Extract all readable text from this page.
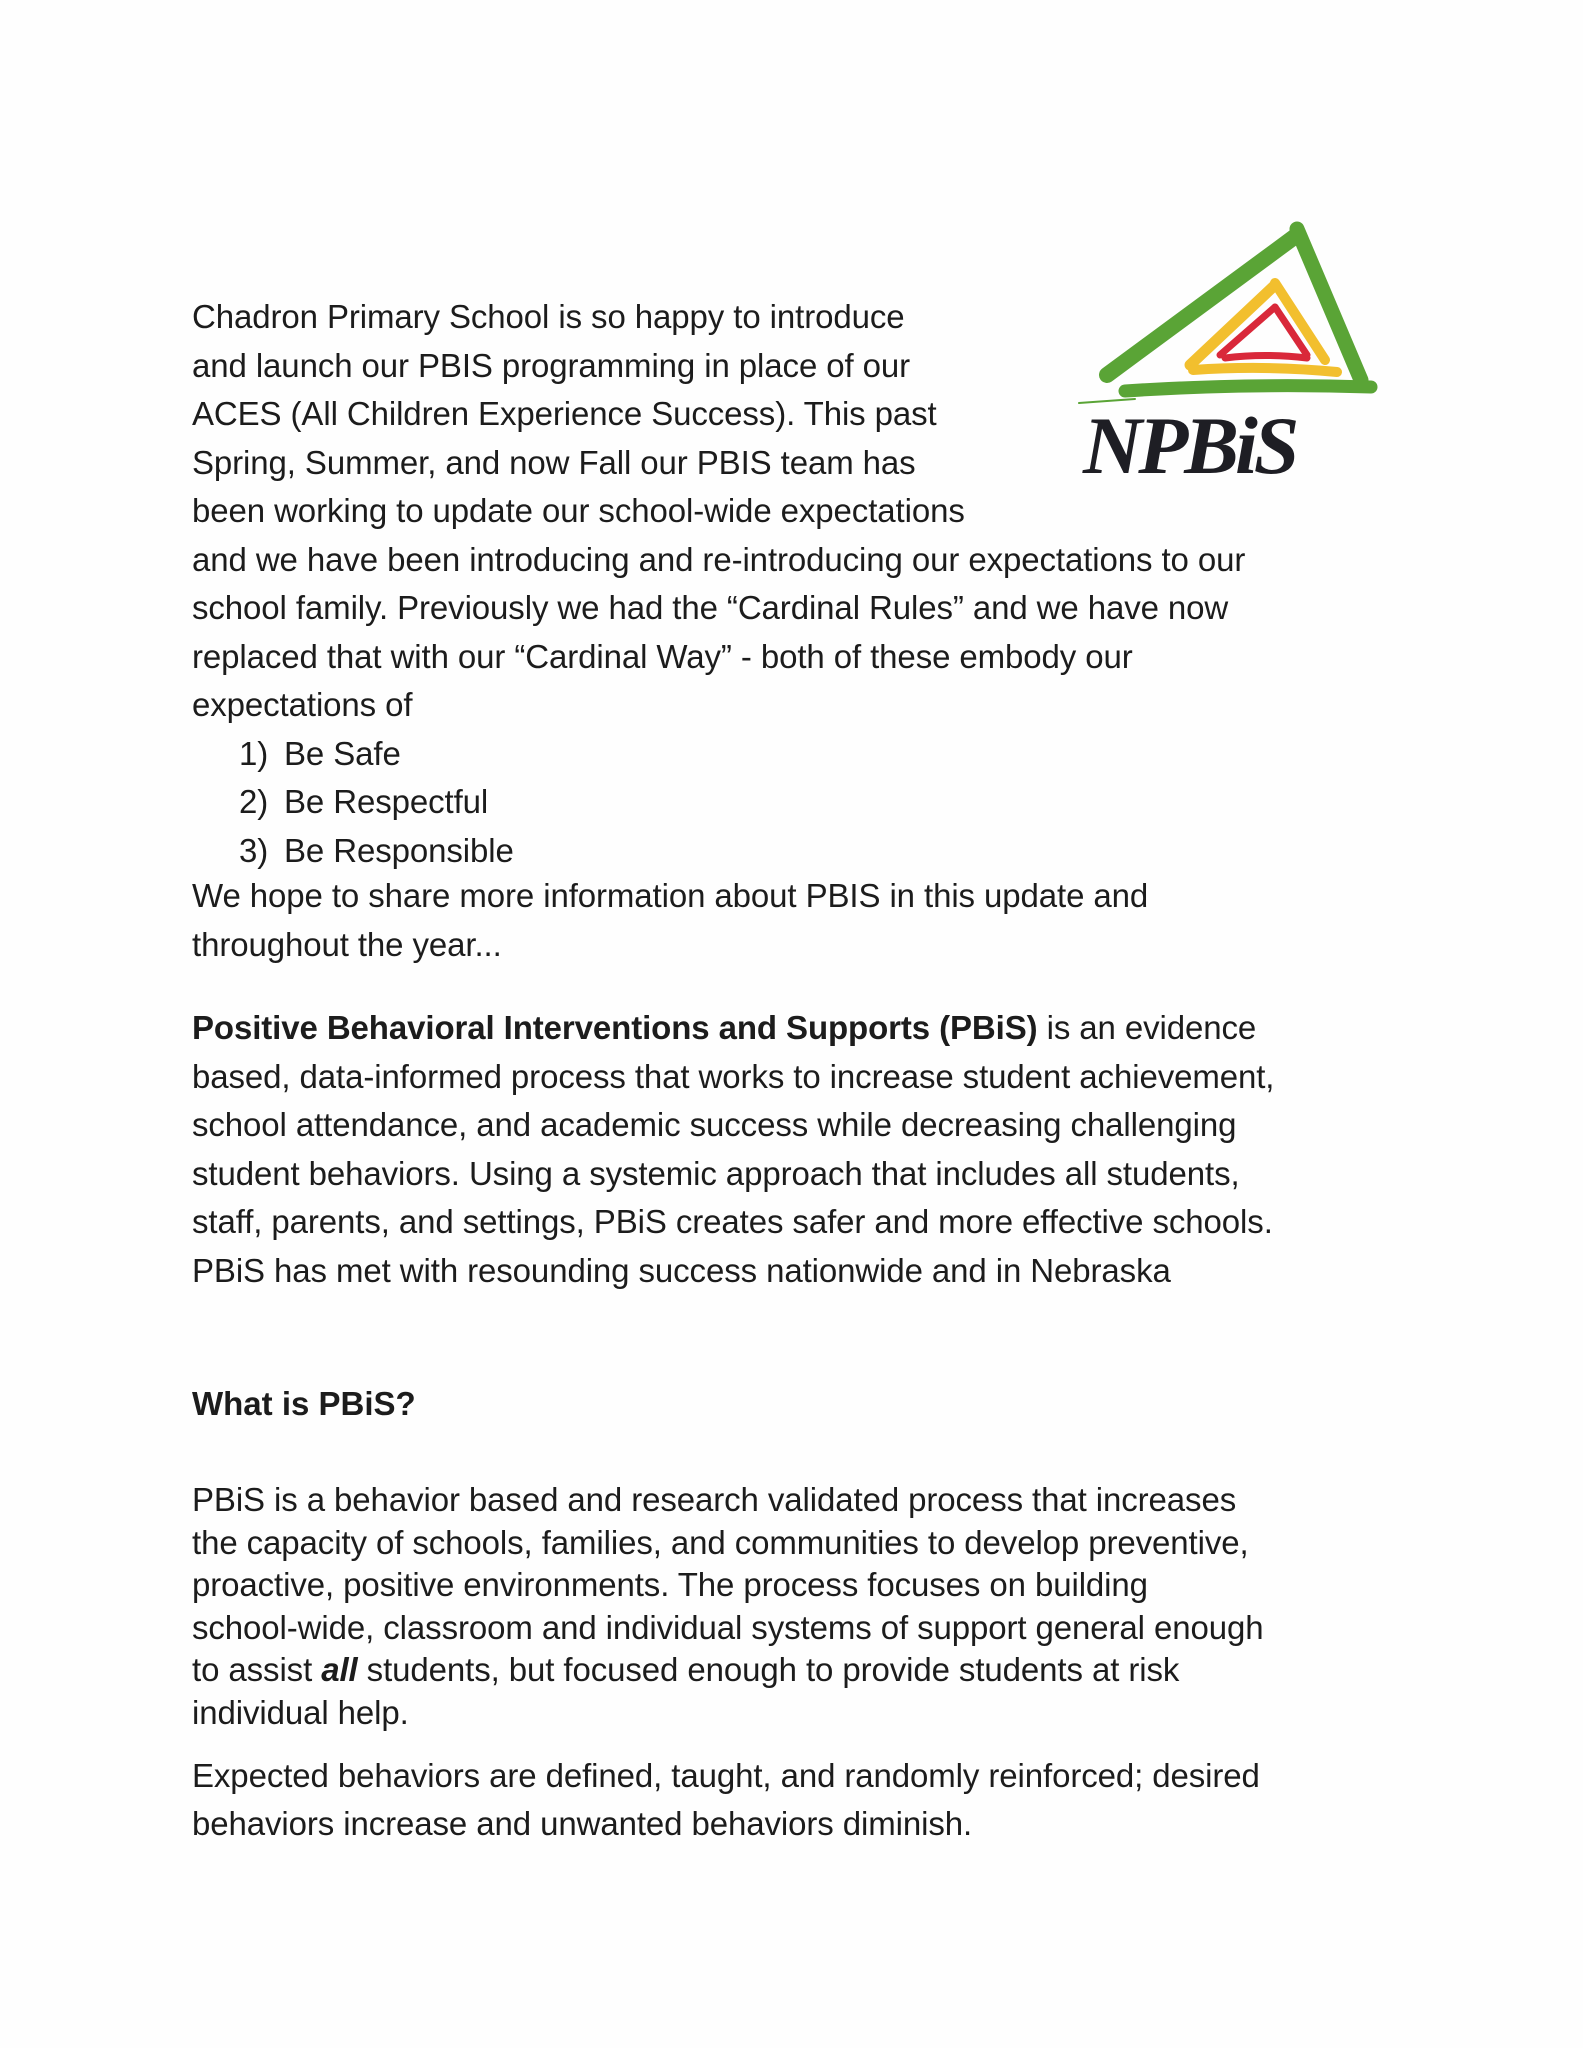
NPBiS
Chadron Primary School is so happy to introduce
and launch our PBIS programming in place of our
ACES (All Children Experience Success). This past
Spring, Summer, and now Fall our PBIS team has
been working to update our school-wide expectations
and we have been introducing and re-introducing our expectations to our
school family. Previously we had the “Cardinal Rules” and we have now
replaced that with our “Cardinal Way” - both of these embody our
expectations of
1) Be Safe
2) Be Respectful
3) Be Responsible
We hope to share more information about PBIS in this update and
throughout the year...
Positive Behavioral Interventions and Supports (PBiS) is an evidence
based, data-informed process that works to increase student achievement,
school attendance, and academic success while decreasing challenging
student behaviors. Using a systemic approach that includes all students,
staff, parents, and settings, PBiS creates safer and more effective schools.
PBiS has met with resounding success nationwide and in Nebraska
What is PBiS?
PBiS is a behavior based and research validated process that increases
the capacity of schools, families, and communities to develop preventive,
proactive, positive environments. The process focuses on building
school-wide, classroom and individual systems of support general enough
to assist all students, but focused enough to provide students at risk
individual help.
Expected behaviors are defined, taught, and randomly reinforced; desired
behaviors increase and unwanted behaviors diminish.
